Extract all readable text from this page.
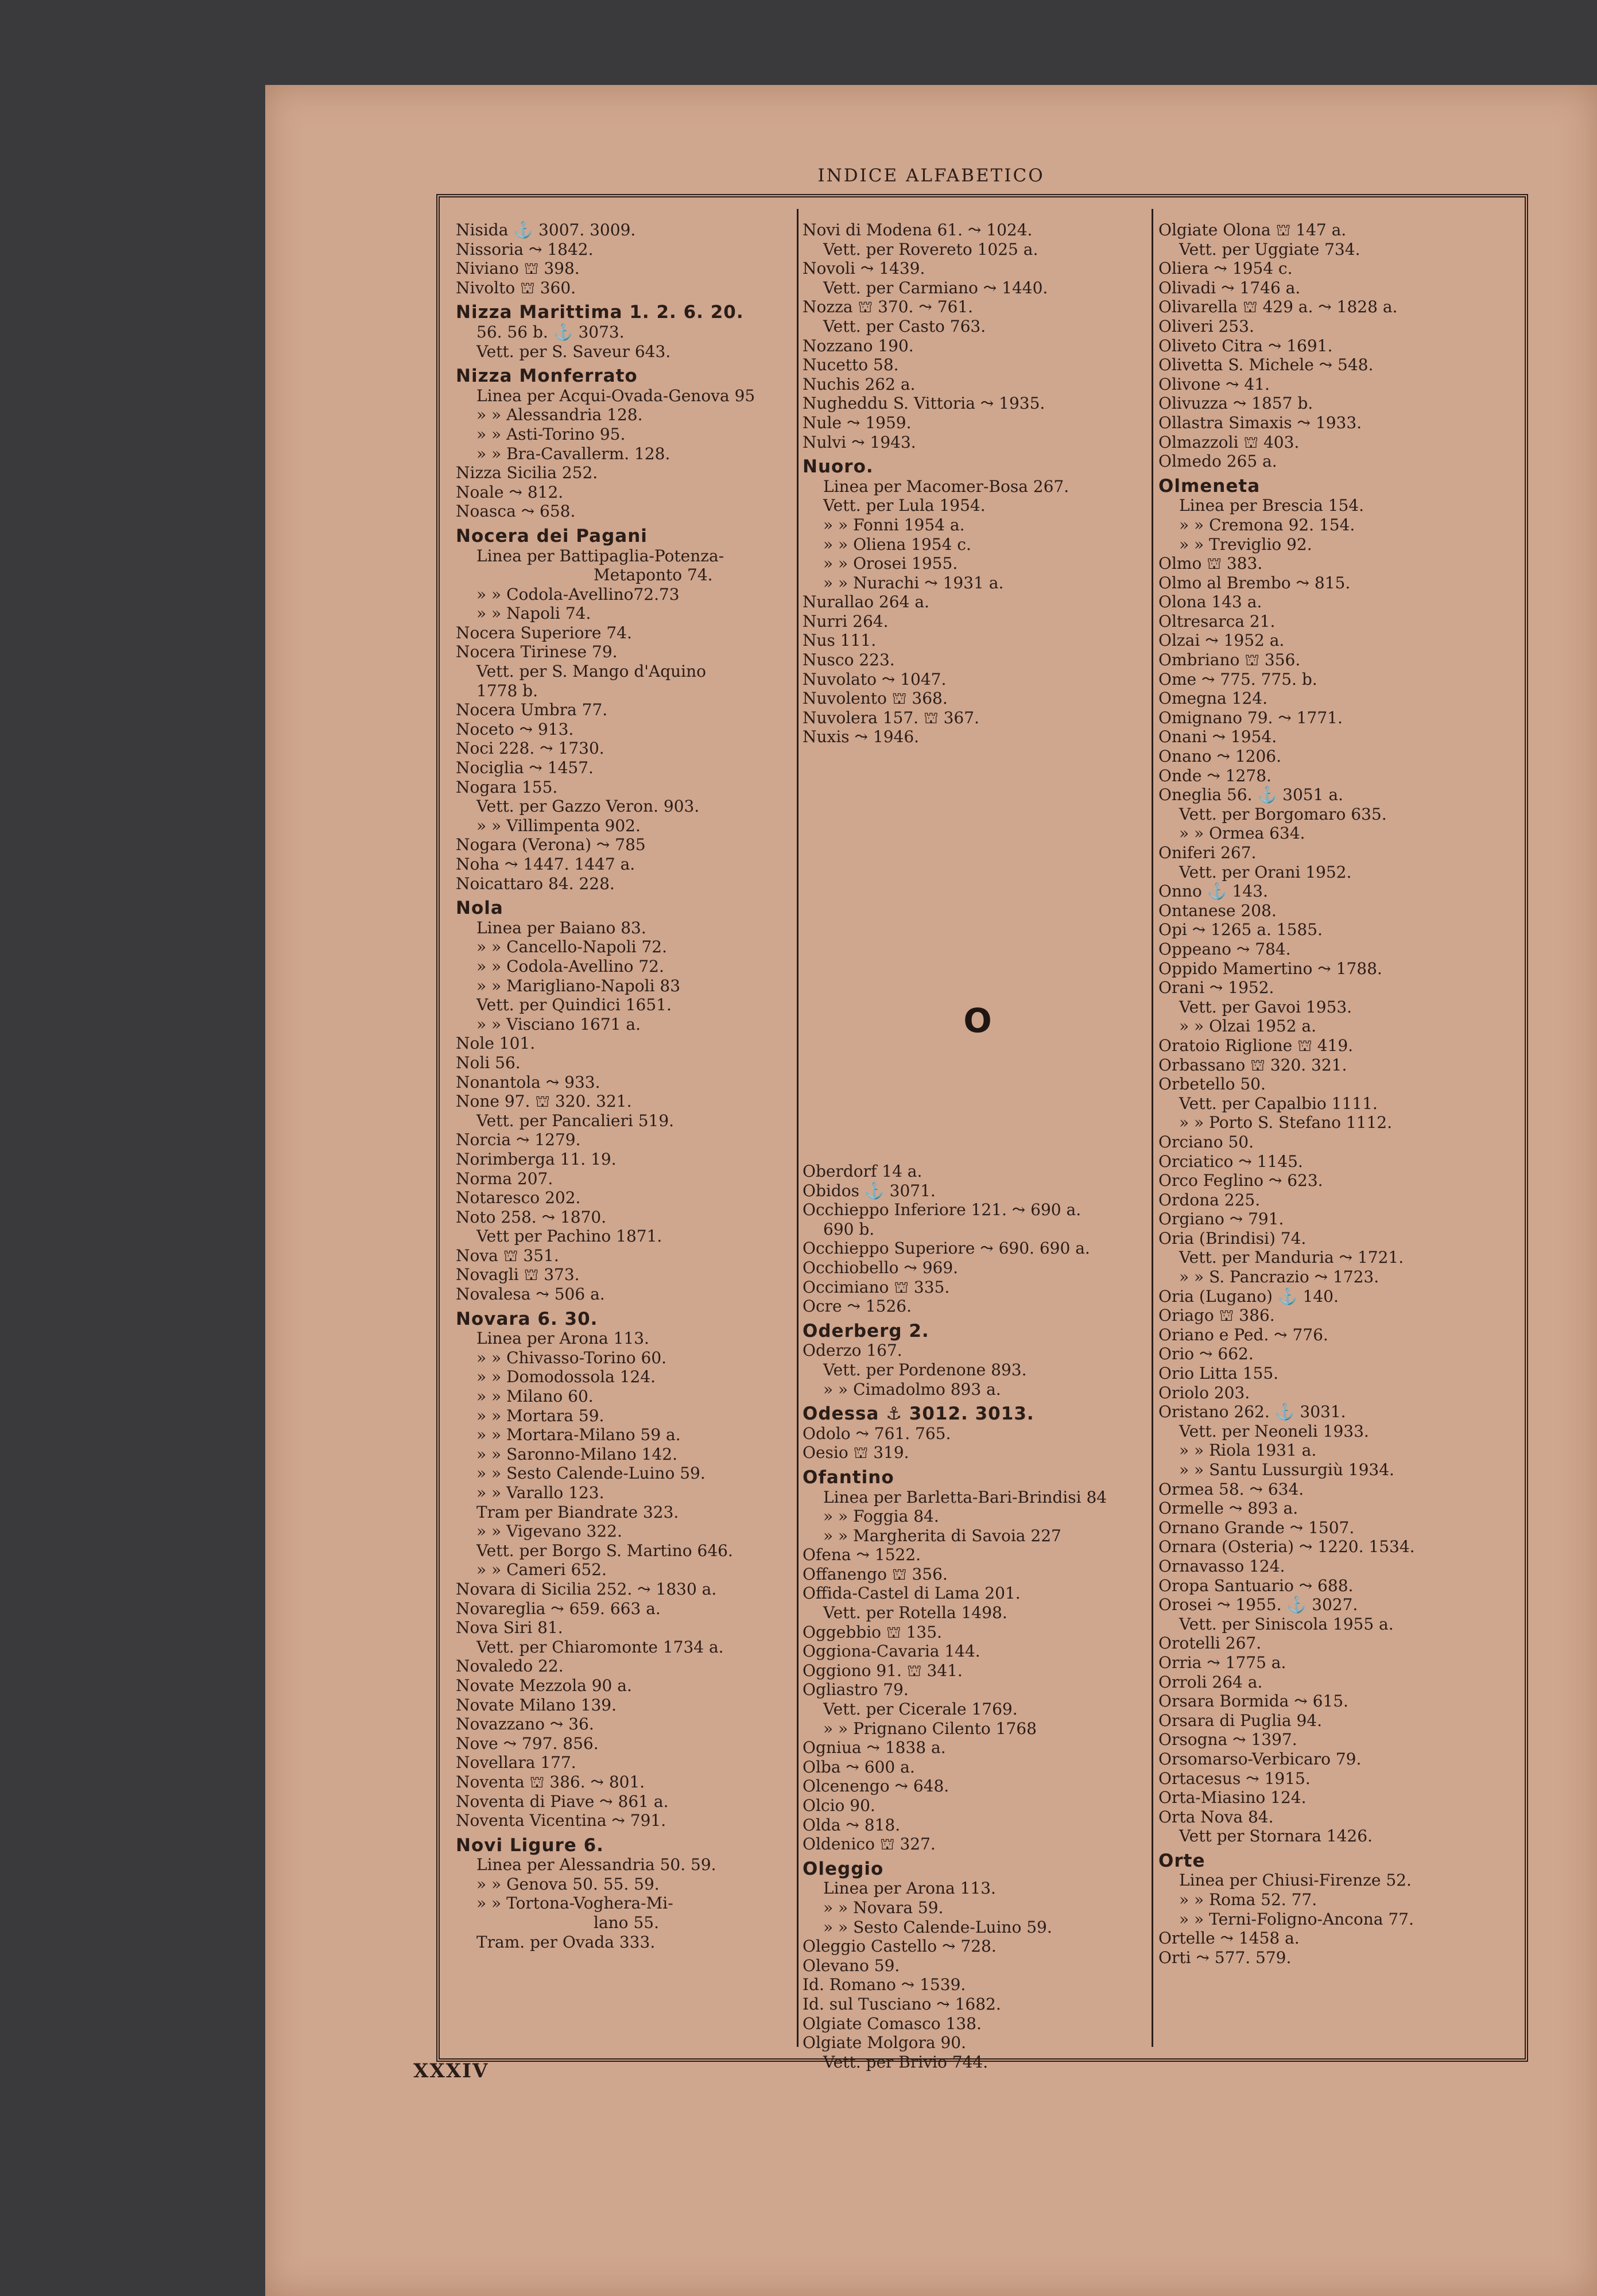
INDICE ALFABETICO
Nisida ⚓ 3007. 3009.
Nissoria ⤳ 1842.
Niviano ⛫ 398.
Nivolto ⛫ 360.
Nizza Marittima 1. 2. 6. 20.
56. 56 b. ⚓ 3073.
Vett. per S. Saveur 643.
Nizza Monferrato
Linea per Acqui-Ovada-Genova 95
» » Alessandria 128.
» » Asti-Torino 95.
» » Bra-Cavallerm. 128.
Nizza Sicilia 252.
Noale ⤳ 812.
Noasca ⤳ 658.
Nocera dei Pagani
Linea per Battipaglia-Potenza-
Metaponto 74.
» » Codola-Avellino72.73
» » Napoli 74.
Nocera Superiore 74.
Nocera Tirinese 79.
Vett. per S. Mango d'Aquino
1778 b.
Nocera Umbra 77.
Noceto ⤳ 913.
Noci 228. ⤳ 1730.
Nociglia ⤳ 1457.
Nogara 155.
Vett. per Gazzo Veron. 903.
» » Villimpenta 902.
Nogara (Verona) ⤳ 785
Noha ⤳ 1447. 1447 a.
Noicattaro 84. 228.
Nola
Linea per Baiano 83.
» » Cancello-Napoli 72.
» » Codola-Avellino 72.
» » Marigliano-Napoli 83
Vett. per Quindici 1651.
» » Visciano 1671 a.
Nole 101.
Noli 56.
Nonantola ⤳ 933.
None 97. ⛫ 320. 321.
Vett. per Pancalieri 519.
Norcia ⤳ 1279.
Norimberga 11. 19.
Norma 207.
Notaresco 202.
Noto 258. ⤳ 1870.
Vett per Pachino 1871.
Nova ⛫ 351.
Novagli ⛫ 373.
Novalesa ⤳ 506 a.
Novara 6. 30.
Linea per Arona 113.
» » Chivasso-Torino 60.
» » Domodossola 124.
» » Milano 60.
» » Mortara 59.
» » Mortara-Milano 59 a.
» » Saronno-Milano 142.
» » Sesto Calende-Luino 59.
» » Varallo 123.
Tram per Biandrate 323.
» » Vigevano 322.
Vett. per Borgo S. Martino 646.
» » Cameri 652.
Novara di Sicilia 252. ⤳ 1830 a.
Novareglia ⤳ 659. 663 a.
Nova Siri 81.
Vett. per Chiaromonte 1734 a.
Novaledo 22.
Novate Mezzola 90 a.
Novate Milano 139.
Novazzano ⤳ 36.
Nove ⤳ 797. 856.
Novellara 177.
Noventa ⛫ 386. ⤳ 801.
Noventa di Piave ⤳ 861 a.
Noventa Vicentina ⤳ 791.
Novi Ligure 6.
Linea per Alessandria 50. 59.
» » Genova 50. 55. 59.
» » Tortona-Voghera-Mi-
lano 55.
Tram. per Ovada 333.
Novi di Modena 61. ⤳ 1024.
Vett. per Rovereto 1025 a.
Novoli ⤳ 1439.
Vett. per Carmiano ⤳ 1440.
Nozza ⛫ 370. ⤳ 761.
Vett. per Casto 763.
Nozzano 190.
Nucetto 58.
Nuchis 262 a.
Nugheddu S. Vittoria ⤳ 1935.
Nule ⤳ 1959.
Nulvi ⤳ 1943.
Nuoro.
Linea per Macomer-Bosa 267.
Vett. per Lula 1954.
» » Fonni 1954 a.
» » Oliena 1954 c.
» » Orosei 1955.
» » Nurachi ⤳ 1931 a.
Nurallao 264 a.
Nurri 264.
Nus 111.
Nusco 223.
Nuvolato ⤳ 1047.
Nuvolento ⛫ 368.
Nuvolera 157. ⛫ 367.
Nuxis ⤳ 1946.
O
Oberdorf 14 a.
Obidos ⚓ 3071.
Occhieppo Inferiore 121. ⤳ 690 a.
690 b.
Occhieppo Superiore ⤳ 690. 690 a.
Occhiobello ⤳ 969.
Occimiano ⛫ 335.
Ocre ⤳ 1526.
Oderberg 2.
Oderzo 167.
Vett. per Pordenone 893.
» » Cimadolmo 893 a.
Odessa ⚓ 3012. 3013.
Odolo ⤳ 761. 765.
Oesio ⛫ 319.
Ofantino
Linea per Barletta-Bari-Brindisi 84
» » Foggia 84.
» » Margherita di Savoia 227
Ofena ⤳ 1522.
Offanengo ⛫ 356.
Offida-Castel di Lama 201.
Vett. per Rotella 1498.
Oggebbio ⛫ 135.
Oggiona-Cavaria 144.
Oggiono 91. ⛫ 341.
Ogliastro 79.
Vett. per Cicerale 1769.
» » Prignano Cilento 1768
Ogniua ⤳ 1838 a.
Olba ⤳ 600 a.
Olcenengo ⤳ 648.
Olcio 90.
Olda ⤳ 818.
Oldenico ⛫ 327.
Oleggio
Linea per Arona 113.
» » Novara 59.
» » Sesto Calende-Luino 59.
Oleggio Castello ⤳ 728.
Olevano 59.
Id. Romano ⤳ 1539.
Id. sul Tusciano ⤳ 1682.
Olgiate Comasco 138.
Olgiate Molgora 90.
Vett. per Brivio 744.
Olgiate Olona ⛫ 147 a.
Vett. per Uggiate 734.
Oliera ⤳ 1954 c.
Olivadi ⤳ 1746 a.
Olivarella ⛫ 429 a. ⤳ 1828 a.
Oliveri 253.
Oliveto Citra ⤳ 1691.
Olivetta S. Michele ⤳ 548.
Olivone ⤳ 41.
Olivuzza ⤳ 1857 b.
Ollastra Simaxis ⤳ 1933.
Olmazzoli ⛫ 403.
Olmedo 265 a.
Olmeneta
Linea per Brescia 154.
» » Cremona 92. 154.
» » Treviglio 92.
Olmo ⛫ 383.
Olmo al Brembo ⤳ 815.
Olona 143 a.
Oltresarca 21.
Olzai ⤳ 1952 a.
Ombriano ⛫ 356.
Ome ⤳ 775. 775. b.
Omegna 124.
Omignano 79. ⤳ 1771.
Onani ⤳ 1954.
Onano ⤳ 1206.
Onde ⤳ 1278.
Oneglia 56. ⚓ 3051 a.
Vett. per Borgomaro 635.
» » Ormea 634.
Oniferi 267.
Vett. per Orani 1952.
Onno ⚓ 143.
Ontanese 208.
Opi ⤳ 1265 a. 1585.
Oppeano ⤳ 784.
Oppido Mamertino ⤳ 1788.
Orani ⤳ 1952.
Vett. per Gavoi 1953.
» » Olzai 1952 a.
Oratoio Riglione ⛫ 419.
Orbassano ⛫ 320. 321.
Orbetello 50.
Vett. per Capalbio 1111.
» » Porto S. Stefano 1112.
Orciano 50.
Orciatico ⤳ 1145.
Orco Feglino ⤳ 623.
Ordona 225.
Orgiano ⤳ 791.
Oria (Brindisi) 74.
Vett. per Manduria ⤳ 1721.
» » S. Pancrazio ⤳ 1723.
Oria (Lugano) ⚓ 140.
Oriago ⛫ 386.
Oriano e Ped. ⤳ 776.
Orio ⤳ 662.
Orio Litta 155.
Oriolo 203.
Oristano 262. ⚓ 3031.
Vett. per Neoneli 1933.
» » Riola 1931 a.
» » Santu Lussurgiù 1934.
Ormea 58. ⤳ 634.
Ormelle ⤳ 893 a.
Ornano Grande ⤳ 1507.
Ornara (Osteria) ⤳ 1220. 1534.
Ornavasso 124.
Oropa Santuario ⤳ 688.
Orosei ⤳ 1955. ⚓ 3027.
Vett. per Siniscola 1955 a.
Orotelli 267.
Orria ⤳ 1775 a.
Orroli 264 a.
Orsara Bormida ⤳ 615.
Orsara di Puglia 94.
Orsogna ⤳ 1397.
Orsomarso-Verbicaro 79.
Ortacesus ⤳ 1915.
Orta-Miasino 124.
Orta Nova 84.
Vett per Stornara 1426.
Orte
Linea per Chiusi-Firenze 52.
» » Roma 52. 77.
» » Terni-Foligno-Ancona 77.
Ortelle ⤳ 1458 a.
Orti ⤳ 577. 579.
XXXIV
